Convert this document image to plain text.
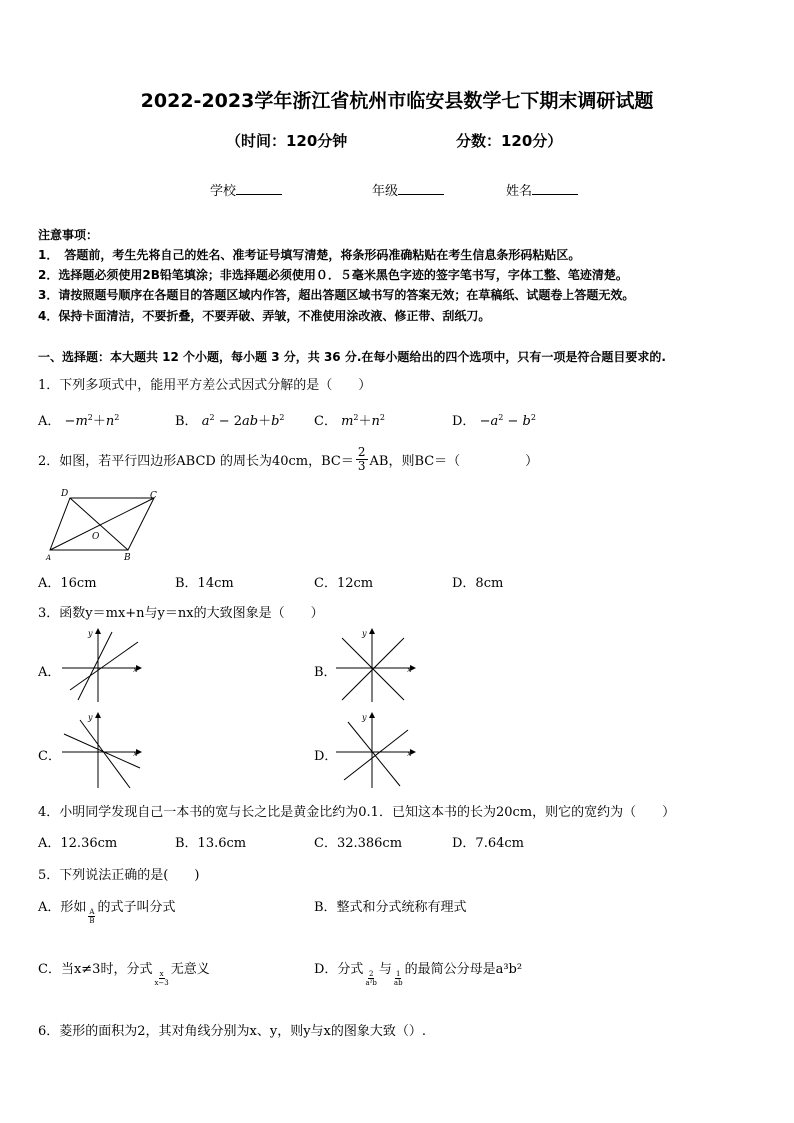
2022-2023学年浙江省杭州市临安县数学七下期末调研试题
（时间：120分钟	分数：120分）
学校	年级	姓名
注意事项：
1．　答题前，考生先将自己的姓名、准考证号填写清楚，将条形码准确粘贴在考生信息条形码粘贴区。
2．选择题必须使用2B铅笔填涂；非选择题必须使用０．５毫米黑色字迹的签字笔书写，字体工整、笔迹清楚。
3．请按照题号顺序在各题目的答题区域内作答，超出答题区域书写的答案无效；在草稿纸、试题卷上答题无效。
4．保持卡面清洁，不要折叠，不要弄破、弄皱，不准使用涂改液、修正带、刮纸刀。
一、选择题：本大题共 12 个小题，每小题 3 分，共 36 分.在每小题给出的四个选项中，只有一项是符合题目要求的.
1．下列多项式中，能用平方差公式因式分解的是（　　）
A． $-m^2+n^2$	B． $a^2 - 2ab+b^2$ C． $m^2+n^2$	D． $-a^2 - b^2$
2．如图，若平行四边形ABCD 的周长为40cm，$BC= \frac{2}{3}$ AB，则BC＝（　　　　　）
D	C
O
A	B
A．16cm	B．14cm	C．12cm	D．8cm
3．函数y＝mx+n与y＝nx的大致图象是（　　）
A．	x
y
B．	x
y
C．	x
y
D．	x
y
4．小明同学发现自己一本书的宽与长之比是黄金比约为0.1．已知这本书的长为20cm，则它的宽约为（　　）
A．12.36cm	B．13.6cm	C．32.386cm	D．7.64cm
5．下列说法正确的是(　　)
A．形如
$\frac{A}{B}$
的式子叫分式	B．整式和分式统称有理式
C．当x≠3时，分式
$\frac{x}{x-3}$
无意义	D．分式
$\frac{2}{\text{a²b}}$
与
$\frac{1}{ab}$
的最简公分母是a³b²
6．菱形的面积为2，其对角线分别为x、y，则y与x的图象大致（）.
